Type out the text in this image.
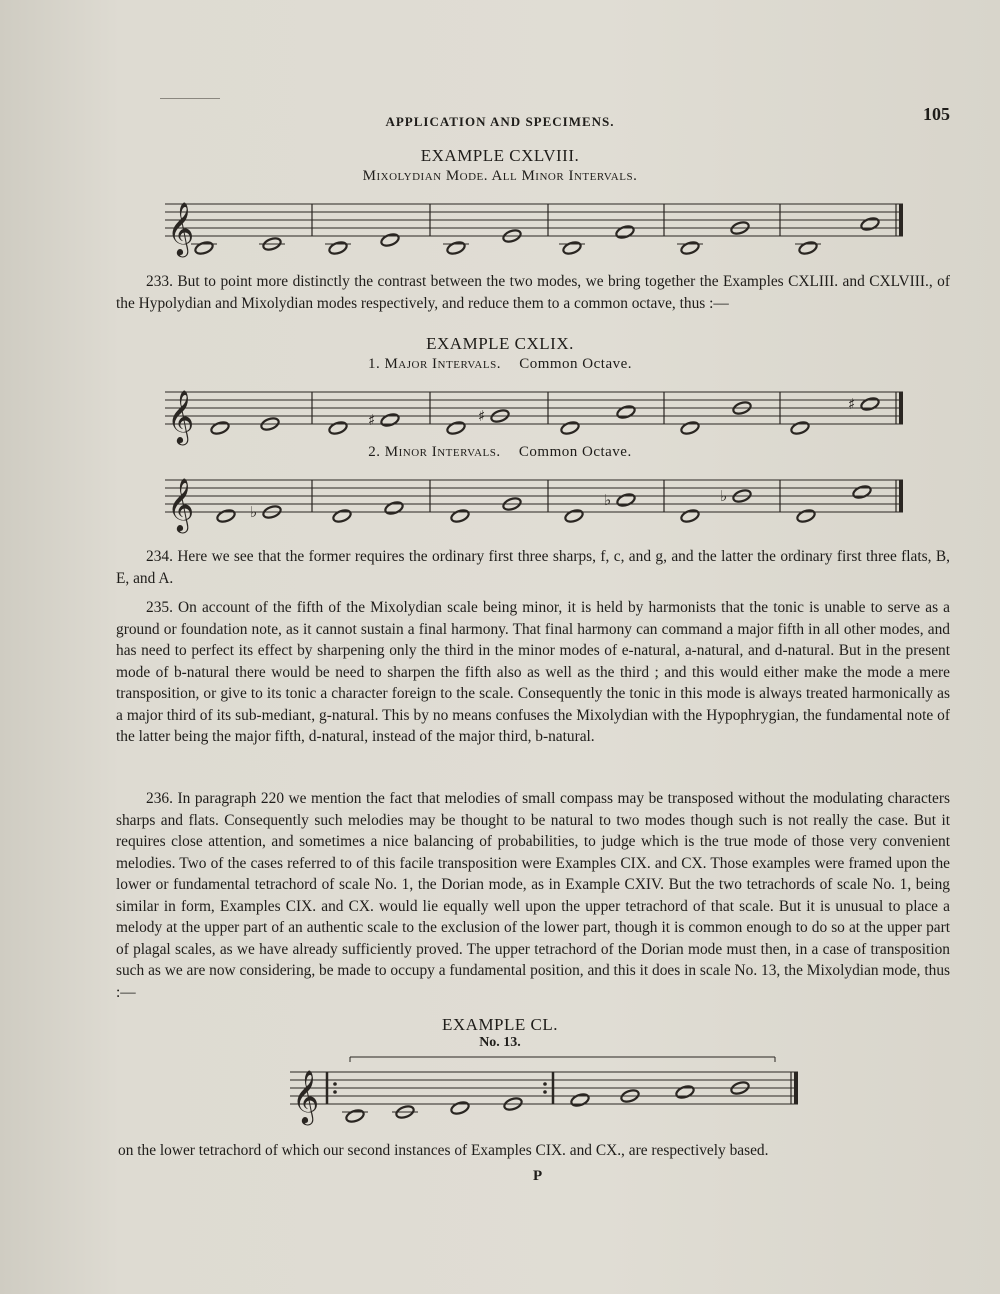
APPLICATION AND SPECIMENS.	105
EXAMPLE CXLVIII.
Mixolydian Mode. All Minor Intervals.
𝄞

233. But to point more distinctly the contrast between the two modes, we bring together the Examples CXLIII. and CXLVIII., of the Hypolydian and Mixolydian modes respectively, and reduce them to a common octave, thus :—

EXAMPLE CXLIX.
1. Major Intervals. Common Octave.
𝄞	♯	♯
♯
2. Minor Intervals. Common Octave.
𝄞	♭
♭	♭

234. Here we see that the former requires the ordinary first three sharps, f, c, and g, and the latter the ordinary first three flats, B, E, and A.

235. On account of the fifth of the Mixolydian scale being minor, it is held by harmonists that the tonic is unable to serve as a ground or foundation note, as it cannot sustain a final harmony. That final harmony can command a major fifth in all other modes, and has need to perfect its effect by sharpening only the third in the minor modes of e-natural, a-natural, and d-natural. But in the present mode of b-natural there would be need to sharpen the fifth also as well as the third ; and this would either make the mode a mere transposition, or give to its tonic a character foreign to the scale. Consequently the tonic in this mode is always treated harmonically as a major third of its sub-mediant, g-natural. This by no means confuses the Mixolydian with the Hypophrygian, the fundamental note of the latter being the major fifth, d-natural, instead of the major third, b-natural.

236. In paragraph 220 we mention the fact that melodies of small compass may be transposed without the modulating characters sharps and flats. Consequently such melodies may be thought to be natural to two modes though such is not really the case. But it requires close attention, and sometimes a nice balancing of probabilities, to judge which is the true mode of those very convenient melodies. Two of the cases referred to of this facile transposition were Examples CIX. and CX. Those examples were framed upon the lower or fundamental tetrachord of scale No. 1, the Dorian mode, as in Example CXIV. But the two tetrachords of scale No. 1, being similar in form, Examples CIX. and CX. would lie equally well upon the upper tetrachord of that scale. But it is unusual to place a melody at the upper part of an authentic scale to the exclusion of the lower part, though it is common enough to do so at the upper part of plagal scales, as we have already sufficiently proved. The upper tetrachord of the Dorian mode must then, in a case of transposition such as we are now considering, be made to occupy a fundamental position, and this it does in scale No. 13, the Mixolydian mode, thus :—

EXAMPLE CL.
No. 13.
𝄞
on the lower tetrachord of which our second instances of Examples CIX. and CX., are respectively based.
P
